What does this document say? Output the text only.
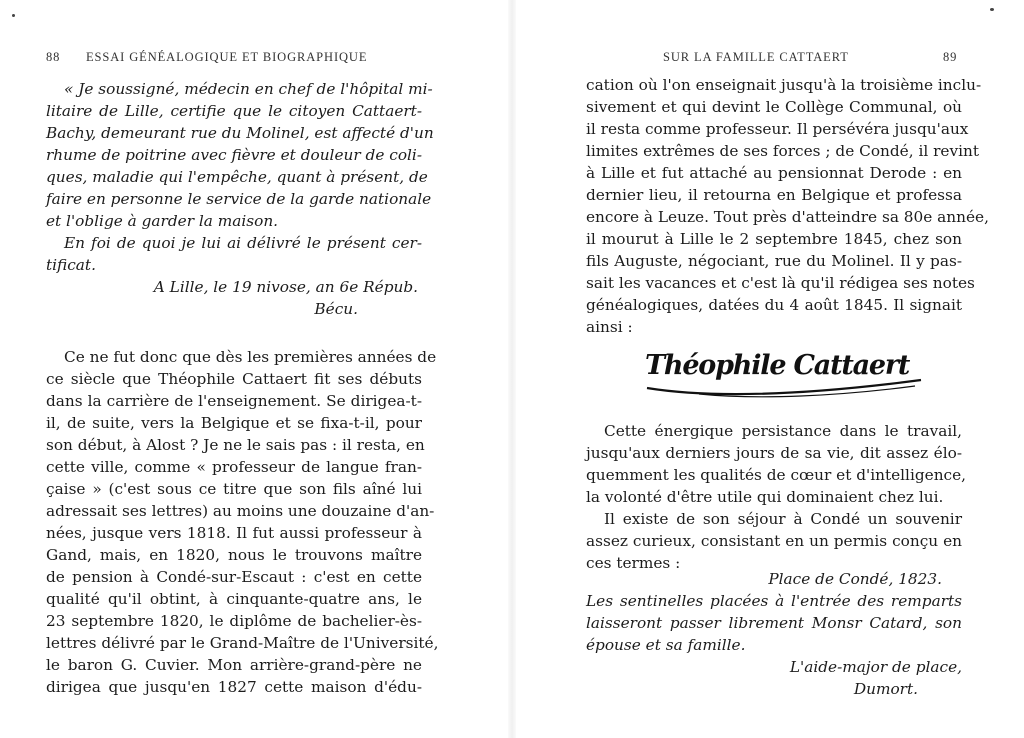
88 ESSAI GÉNÉALOGIQUE ET BIOGRAPHIQUE
« Je soussigné, médecin en chef de l'hôpital mi-
litaire de Lille, certifie que le citoyen Cattaert-
Bachy, demeurant rue du Molinel, est affecté d'un
rhume de poitrine avec fièvre et douleur de coli-
ques, maladie qui l'empêche, quant à présent, de
faire en personne le service de la garde nationale
et l'oblige à garder la maison.
En foi de quoi je lui ai délivré le présent cer-
tificat.
A Lille, le 19 nivose, an 6e Répub.
Bécu.
Ce ne fut donc que dès les premières années de
ce siècle que Théophile Cattaert fit ses débuts
dans la carrière de l'enseignement. Se dirigea-t-
il, de suite, vers la Belgique et se fixa-t-il, pour
son début, à Alost ? Je ne le sais pas : il resta, en
cette ville, comme « professeur de langue fran-
çaise » (c'est sous ce titre que son fils aîné lui
adressait ses lettres) au moins une douzaine d'an-
nées, jusque vers 1818. Il fut aussi professeur à
Gand, mais, en 1820, nous le trouvons maître
de pension à Condé-sur-Escaut : c'est en cette
qualité qu'il obtint, à cinquante-quatre ans, le
23 septembre 1820, le diplôme de bachelier-ès-
lettres délivré par le Grand-Maître de l'Université,
le baron G. Cuvier. Mon arrière-grand-père ne
dirigea que jusqu'en 1827 cette maison d'édu-
SUR LA FAMILLE CATTAERT	89
cation où l'on enseignait jusqu'à la troisième inclu-
sivement et qui devint le Collège Communal, où
il resta comme professeur. Il persévéra jusqu'aux
limites extrêmes de ses forces ; de Condé, il revint
à Lille et fut attaché au pensionnat Derode : en
dernier lieu, il retourna en Belgique et professa
encore à Leuze. Tout près d'atteindre sa 80e année,
il mourut à Lille le 2 septembre 1845, chez son
fils Auguste, négociant, rue du Molinel. Il y pas-
sait les vacances et c'est là qu'il rédigea ses notes
généalogiques, datées du 4 août 1845. Il signait
ainsi :
Théophile Cattaert
Cette énergique persistance dans le travail,
jusqu'aux derniers jours de sa vie, dit assez élo-
quemment les qualités de cœur et d'intelligence,
la volonté d'être utile qui dominaient chez lui.
Il existe de son séjour à Condé un souvenir
assez curieux, consistant en un permis conçu en
ces termes :
Place de Condé, 1823.
Les sentinelles placées à l'entrée des remparts
laisseront passer librement Monsr Catard, son
épouse et sa famille.
L'aide-major de place,
Dumort.
